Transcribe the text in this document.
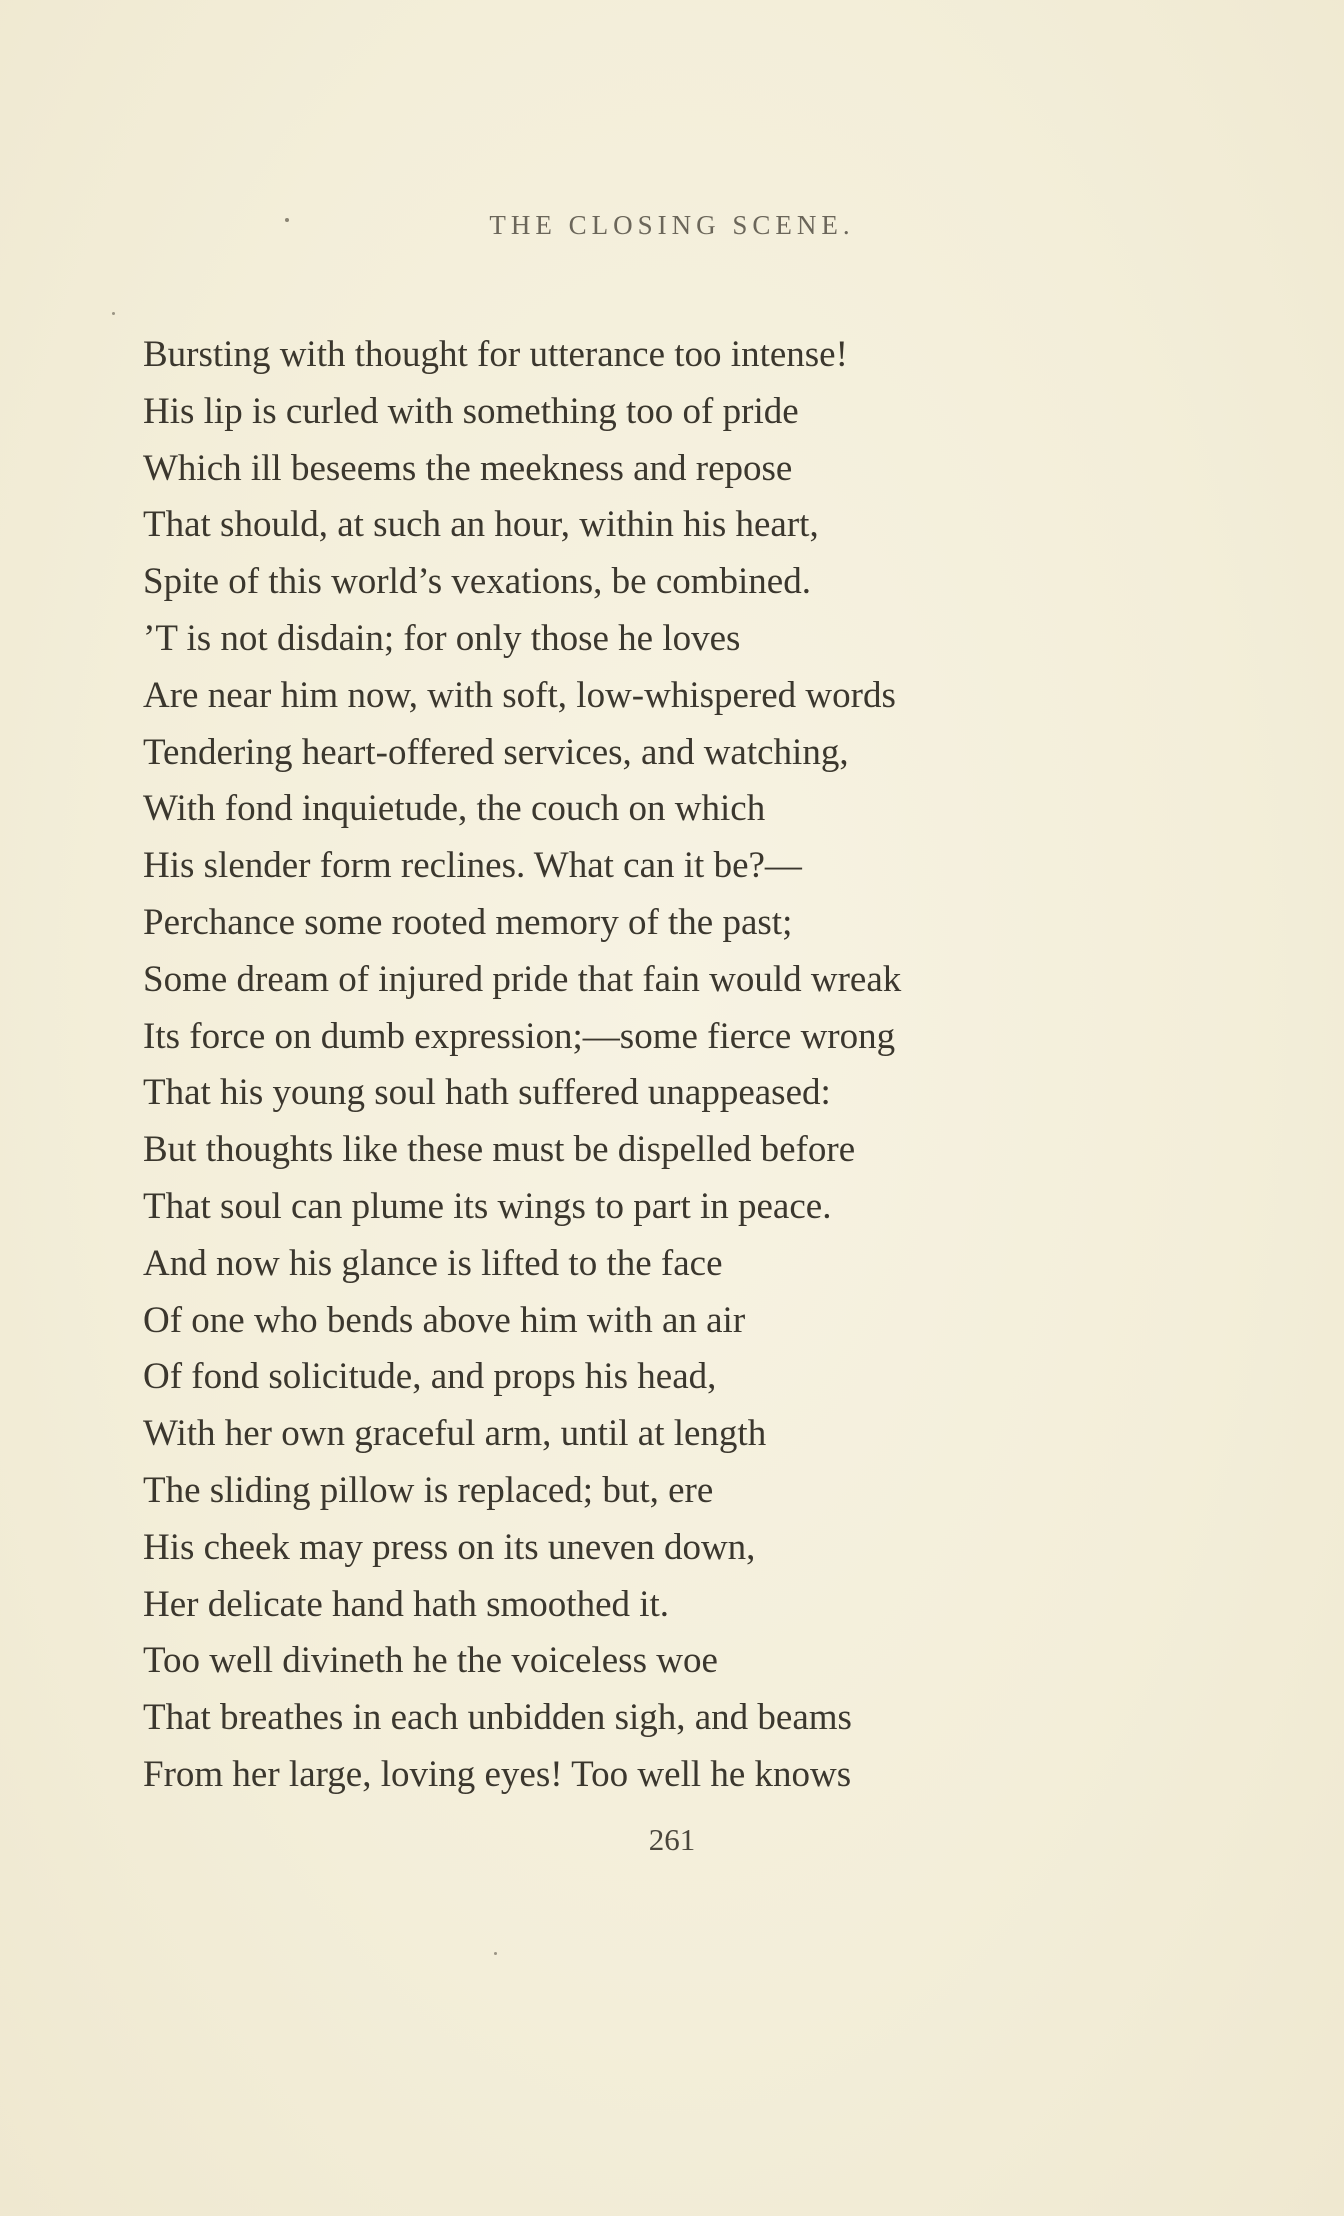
THE CLOSING SCENE.
Bursting with thought for utterance too intense!
His lip is curled with something too of pride
Which ill beseems the meekness and repose
That should, at such an hour, within his heart,
Spite of this world’s vexations, be combined.
’T is not disdain; for only those he loves
Are near him now, with soft, low-whispered words
Tendering heart-offered services, and watching,
With fond inquietude, the couch on which
His slender form reclines. What can it be?—
Perchance some rooted memory of the past;
Some dream of injured pride that fain would wreak
Its force on dumb expression;—some fierce wrong
That his young soul hath suffered unappeased:
But thoughts like these must be dispelled before
That soul can plume its wings to part in peace.
And now his glance is lifted to the face
Of one who bends above him with an air
Of fond solicitude, and props his head,
With her own graceful arm, until at length
The sliding pillow is replaced; but, ere
His cheek may press on its uneven down,
Her delicate hand hath smoothed it.
Too well divineth he the voiceless woe
That breathes in each unbidden sigh, and beams
From her large, loving eyes! Too well he knows
261
